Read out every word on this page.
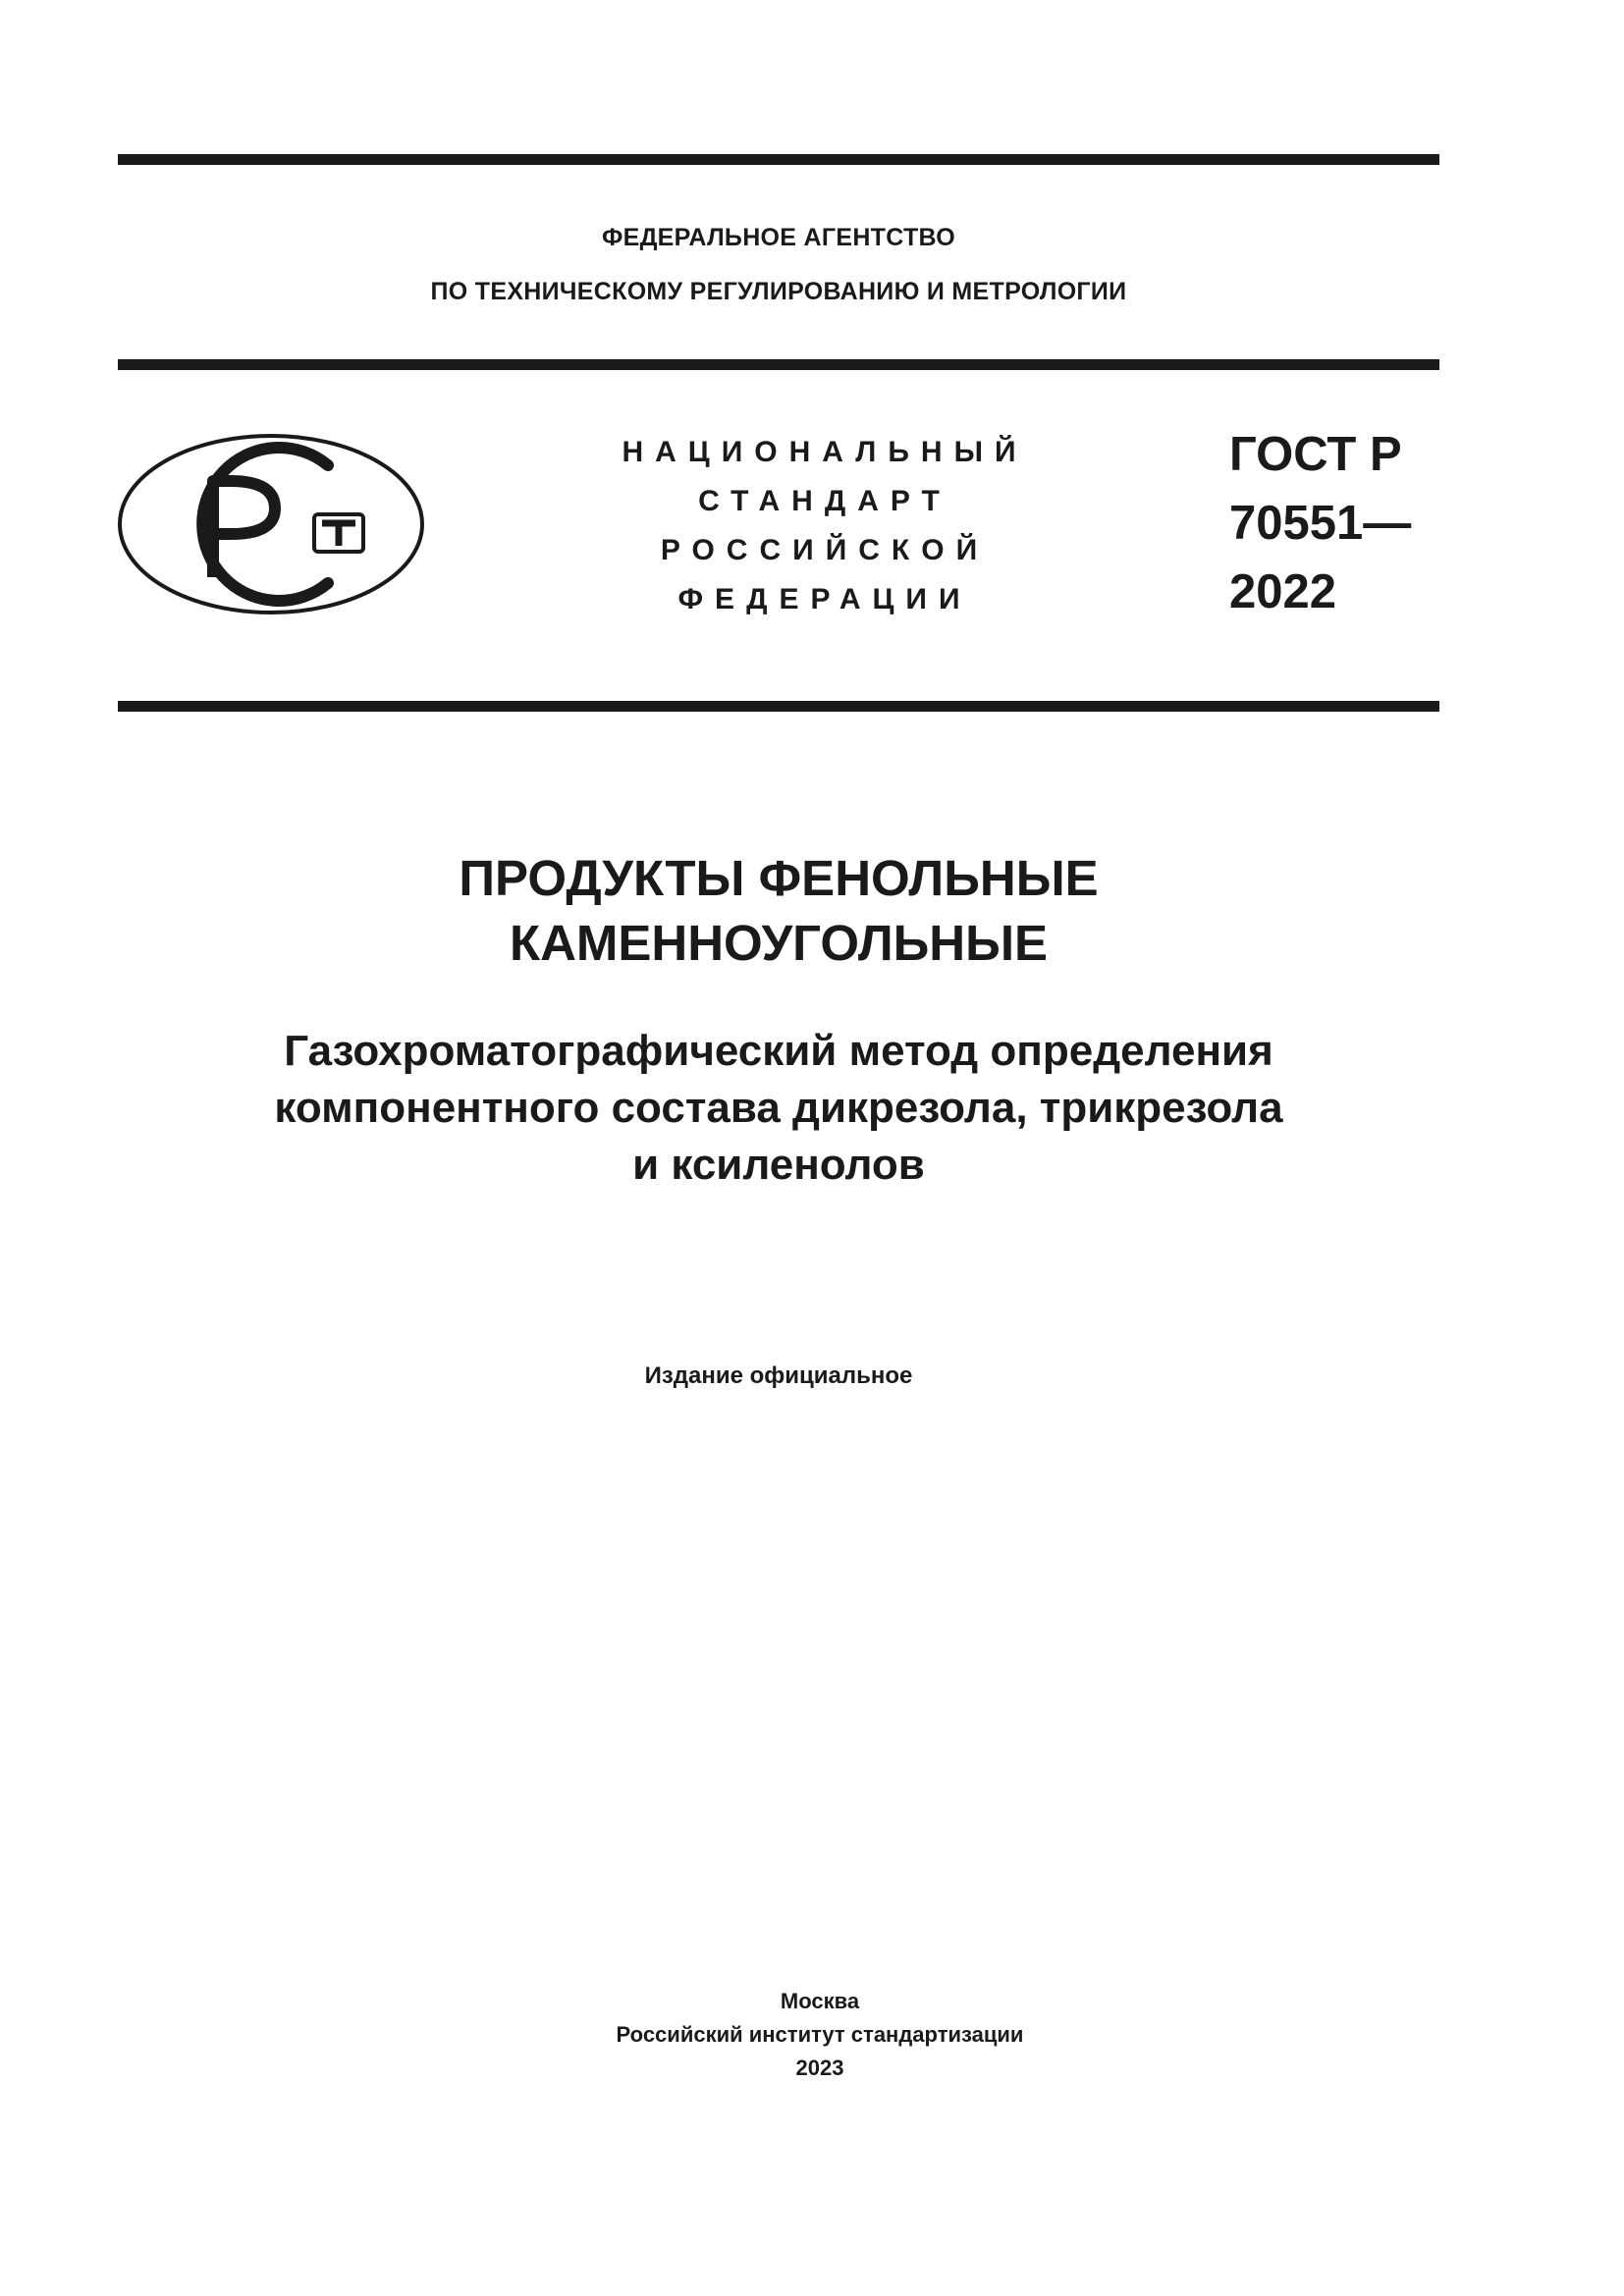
ФЕДЕРАЛЬНОЕ АГЕНТСТВО
ПО ТЕХНИЧЕСКОМУ РЕГУЛИРОВАНИЮ И МЕТРОЛОГИИ
НАЦИОНАЛЬНЫЙ
СТАНДАРТ
РОССИЙСКОЙ
ФЕДЕРАЦИИ
ГОСТ Р
70551—
2022
ПРОДУКТЫ ФЕНОЛЬНЫЕ
КАМЕННОУГОЛЬНЫЕ
Газохроматографический метод определения
компонентного состава дикрезола, трикрезола
и ксиленолов
Издание официальное
Москва
Российский институт стандартизации
2023
